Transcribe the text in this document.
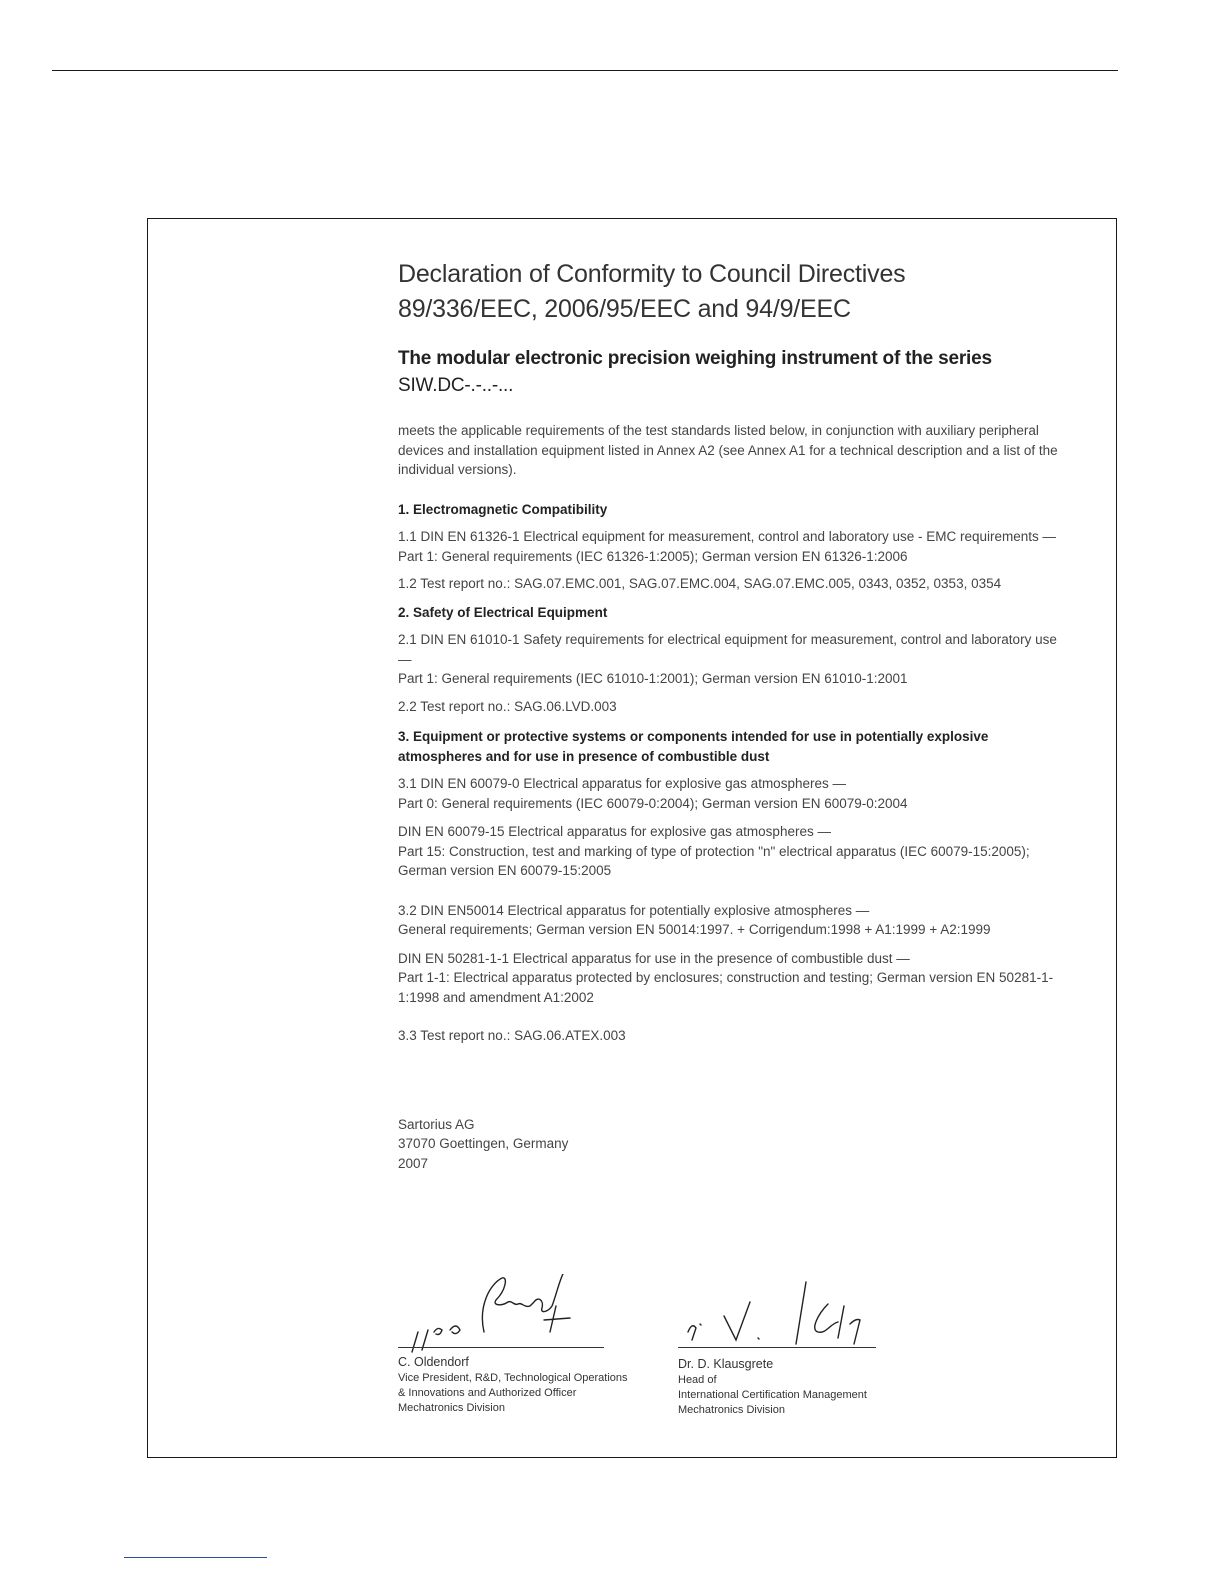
Declaration of Conformity to Council Directives
89/336/EEC, 2006/95/EEC and 94/9/EEC
The modular electronic precision weighing instrument of the series
SIW.DC-.-..-...

meets the applicable requirements of the test standards listed below, in conjunction with auxiliary peripheral devices and installation equipment listed in Annex A2 (see Annex A1 for a technical description and a list of the individual versions).

1. Electromagnetic Compatibility

1.1 DIN EN 61326-1 Electrical equipment for measurement, control and laboratory use - EMC requirements —
Part 1: General requirements (IEC 61326-1:2005); German version EN 61326-1:2006

1.2 Test report no.: SAG.07.EMC.001, SAG.07.EMC.004, SAG.07.EMC.005, 0343, 0352, 0353, 0354

2. Safety of Electrical Equipment

2.1 DIN EN 61010-1 Safety requirements for electrical equipment for measurement, control and laboratory use —
Part 1: General requirements (IEC 61010-1:2001); German version EN 61010-1:2001

2.2 Test report no.: SAG.06.LVD.003

3. Equipment or protective systems or components intended for use in potentially explosive atmospheres and for use in presence of combustible dust

3.1 DIN EN 60079-0 Electrical apparatus for explosive gas atmospheres —
Part 0: General requirements (IEC 60079-0:2004); German version EN 60079-0:2004

DIN EN 60079-15 Electrical apparatus for explosive gas atmospheres —
Part 15: Construction, test and marking of type of protection "n" electrical apparatus (IEC 60079-15:2005); German version EN 60079-15:2005

3.2 DIN EN50014 Electrical apparatus for potentially explosive atmospheres —
General requirements; German version EN 50014:1997. + Corrigendum:1998 + A1:1999 + A2:1999

DIN EN 50281-1-1 Electrical apparatus for use in the presence of combustible dust —
Part 1-1: Electrical apparatus protected by enclosures; construction and testing; German version EN 50281-1-1:1998 and amendment A1:2002

3.3 Test report no.: SAG.06.ATEX.003

Sartorius AG
37070 Goettingen, Germany
2007
C. Oldendorf
Vice President, R&D, Technological Operations
& Innovations and Authorized Officer
Mechatronics Division
Dr. D. Klausgrete
Head of
International Certification Management
Mechatronics Division
